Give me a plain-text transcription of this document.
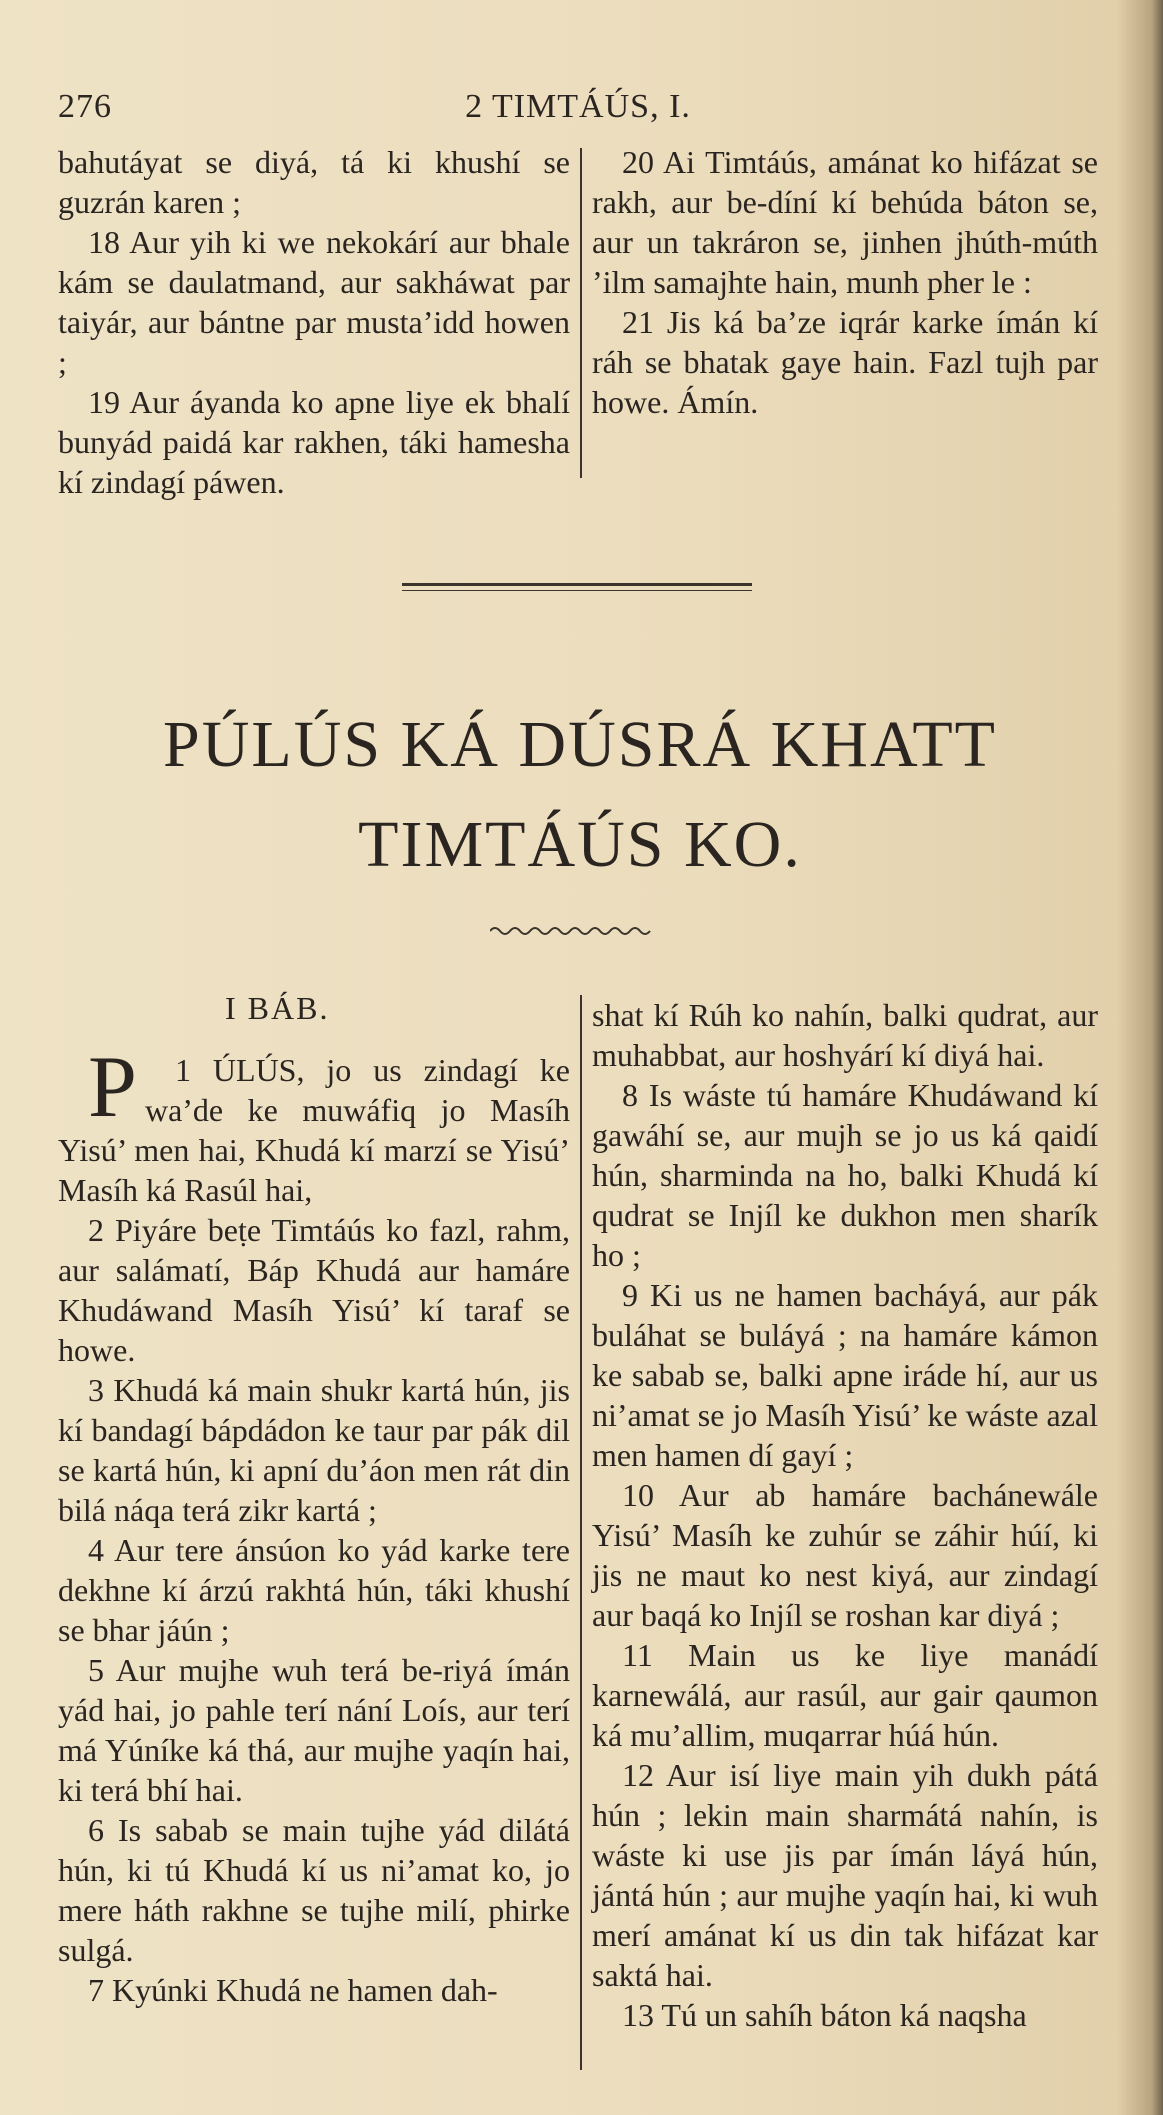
276	2 TIMTÁÚS, I.

bahutáyat se diyá, tá ki khushí se guzrán karen ;

18 Aur yih ki we nekokárí aur bhale kám se daulatmand, aur sakháwat par taiyár, aur bántne par musta’idd howen ;

19 Aur áyanda ko apne liye ek bhalí bunyád paidá kar rakhen, táki hamesha kí zindagí páwen.

20 Ai Timtáús, amánat ko hifázat se rakh, aur be-díní kí behúda báton se, aur un takráron se, jinhen jhúth-múth ’ilm samajhte hain, munh pher le :

21 Jis ká ba’ze iqrár karke ímán kí ráh se bhatak gaye hain. Fazl tujh par howe. Ámín.

PÚLÚS KÁ DÚSRÁ KHATT
TIMTÁÚS KO.
I BÁB.

1
P ÚLÚS, jo us zindagí ke wa’de ke muwáfiq jo Masíh Yisú’ men hai, Khudá kí marzí se Yisú’ Masíh ká Rasúl hai,

2 Piyáre beṭe Timtáús ko fazl, rahm, aur salámatí, Báp Khudá aur hamáre Khudáwand Masíh Yisú’ kí taraf se howe.

3 Khudá ká main shukr kartá hún, jis kí bandagí bápdádon ke taur par pák dil se kartá hún, ki apní du’áon men rát din bilá náqa terá zikr kartá ;

4 Aur tere ánsúon ko yád karke tere dekhne kí árzú rakhtá hún, táki khushí se bhar jáún ;

5 Aur mujhe wuh terá be-riyá ímán yád hai, jo pahle terí nání Loís, aur terí má Yúníke ká thá, aur mujhe yaqín hai, ki terá bhí hai.

6 Is sabab se main tujhe yád dilátá hún, ki tú Khudá kí us ni’amat ko, jo mere háth rakhne se tujhe milí, phirke sulgá.

7 Kyúnki Khudá ne hamen dah-

shat kí Rúh ko nahín, balki qudrat, aur muhabbat, aur hoshyárí kí diyá hai.

8 Is wáste tú hamáre Khudáwand kí gawáhí se, aur mujh se jo us ká qaidí hún, sharminda na ho, balki Khudá kí qudrat se Injíl ke dukhon men sharík ho ;

9 Ki us ne hamen bacháyá, aur pák buláhat se buláyá ; na hamáre kámon ke sabab se, balki apne iráde hí, aur us ni’amat se jo Masíh Yisú’ ke wáste azal men hamen dí gayí ;

10 Aur ab hamáre bachánewále Yisú’ Masíh ke zuhúr se záhir húí, ki jis ne maut ko nest kiyá, aur zindagí aur baqá ko Injíl se roshan kar diyá ;

11 Main us ke liye manádí karnewálá, aur rasúl, aur gair qaumon ká mu’allim, muqarrar húá hún.

12 Aur isí liye main yih dukh pátá hún ; lekin main sharmátá nahín, is wáste ki use jis par ímán láyá hún, jántá hún ; aur mujhe yaqín hai, ki wuh merí amánat kí us din tak hifázat kar saktá hai.

13 Tú un sahíh báton ká naqsha
